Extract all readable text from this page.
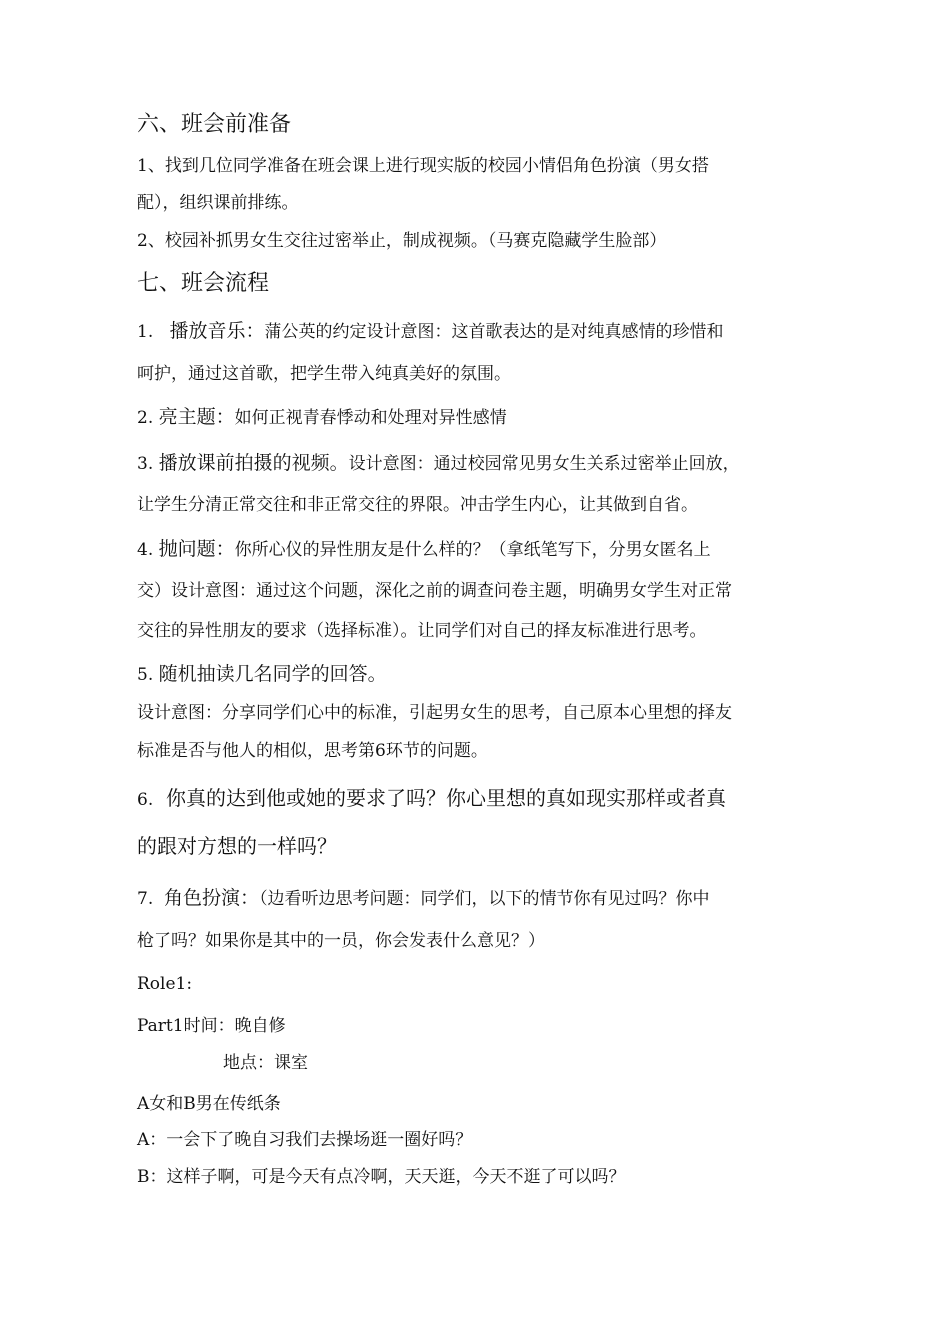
六、班会前准备
1、找到几位同学准备在班会课上进行现实版的校园小情侣角色扮演（男女搭
配），组织课前排练。
2、校园补抓男女生交往过密举止，制成视频。（马赛克隐藏学生脸部）
七、班会流程
1. 播放音乐：蒲公英的约定设计意图：这首歌表达的是对纯真感情的珍惜和
呵护，通过这首歌，把学生带入纯真美好的氛围。
2. 亮主题：如何正视青春悸动和处理对异性感情
3. 播放课前拍摄的视频。设计意图：通过校园常见男女生关系过密举止回放，
让学生分清正常交往和非正常交往的界限。冲击学生内心，让其做到自省。
4. 抛问题：你所心仪的异性朋友是什么样的？（拿纸笔写下，分男女匿名上
交）设计意图：通过这个问题，深化之前的调查问卷主题，明确男女学生对正常
交往的异性朋友的要求（选择标准）。让同学们对自己的择友标准进行思考。
5. 随机抽读几名同学的回答。
设计意图：分享同学们心中的标准，引起男女生的思考，自己原本心里想的择友
标准是否与他人的相似，思考第6环节的问题。
6. 你真的达到他或她的要求了吗？你心里想的真如现实那样或者真
的跟对方想的一样吗？
7. 角色扮演：（边看听边思考问题：同学们，以下的情节你有见过吗？你中
枪了吗？如果你是其中的一员，你会发表什么意见？）
Role1:
Part1时间：晚自修
地点：课室
A女和B男在传纸条
A：一会下了晚自习我们去操场逛一圈好吗？
B：这样子啊，可是今天有点冷啊，天天逛，今天不逛了可以吗？
